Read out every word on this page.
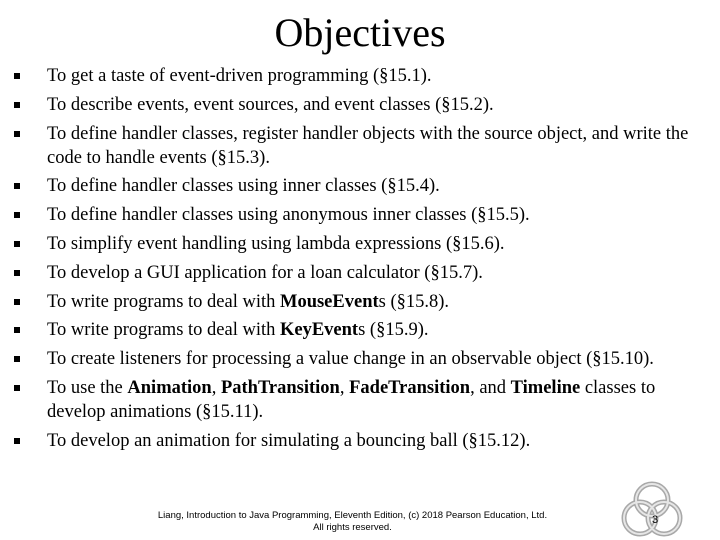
Objectives
To get a taste of event-driven programming (§15.1).
To describe events, event sources, and event classes (§15.2).
To define handler classes, register handler objects with the source object, and write the code to handle events (§15.3).
To define handler classes using inner classes (§15.4).
To define handler classes using anonymous inner classes (§15.5).
To simplify event handling using lambda expressions (§15.6).
To develop a GUI application for a loan calculator (§15.7).
To write programs to deal with MouseEvents (§15.8).
To write programs to deal with KeyEvents (§15.9).
To create listeners for processing a value change in an observable object (§15.10).
To use the Animation, PathTransition, FadeTransition, and Timeline classes to develop animations (§15.11).
To develop an animation for simulating a bouncing ball (§15.12).
Liang, Introduction to Java Programming, Eleventh Edition, (c) 2018 Pearson Education, Ltd.
All rights reserved.
3
